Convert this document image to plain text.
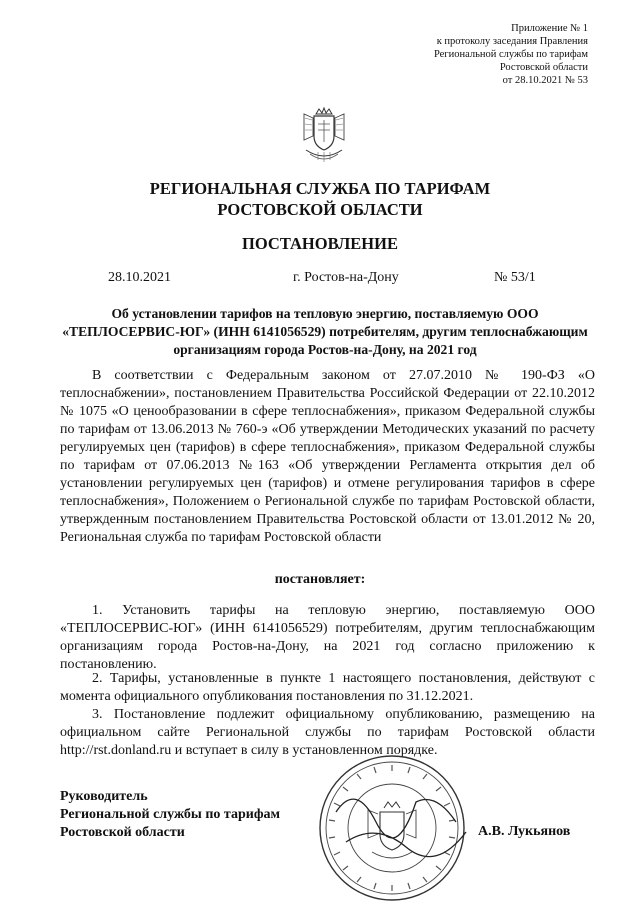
Приложение № 1
к протоколу заседания Правления
Региональной службы по тарифам
Ростовской области
от 28.10.2021 № 53
РЕГИОНАЛЬНАЯ СЛУЖБА ПО ТАРИФАМ
РОСТОВСКОЙ ОБЛАСТИ
ПОСТАНОВЛЕНИЕ
28.10.2021	г. Ростов-на-Дону	№ 53/1
Об установлении тарифов на тепловую энергию, поставляемую ООО «ТЕПЛОСЕРВИС-ЮГ» (ИНН 6141056529) потребителям, другим теплоснабжающим организациям города Ростов-на-Дону, на 2021 год

В соответствии с Федеральным законом от 27.07.2010 № 190-ФЗ «О теплоснабжении», постановлением Правительства Российской Федерации от 22.10.2012 № 1075 «О ценообразовании в сфере теплоснабжения», приказом Федеральной службы по тарифам от 13.06.2013 № 760-э «Об утверждении Методических указаний по расчету регулируемых цен (тарифов) в сфере теплоснабжения», приказом Федеральной службы по тарифам от 07.06.2013 №163 «Об утверждении Регламента открытия дел об установлении регулируемых цен (тарифов) и отмене регулирования тарифов в сфере теплоснабжения», Положением о Региональной службе по тарифам Ростовской области, утвержденным постановлением Правительства Ростовской области от 13.01.2012 № 20, Региональная служба по тарифам Ростовской области

постановляет:

1. Установить тарифы на тепловую энергию, поставляемую ООО «ТЕПЛОСЕРВИС-ЮГ» (ИНН 6141056529) потребителям, другим теплоснабжающим организациям города Ростов-на-Дону, на 2021 год согласно приложению к постановлению.

2. Тарифы, установленные в пункте 1 настоящего постановления, действуют с момента официального опубликования постановления по 31.12.2021.

3. Постановление подлежит официальному опубликованию, размещению на официальном сайте Региональной службы по тарифам Ростовской области http://rst.donland.ru и вступает в силу в установленном порядке.

Руководитель
Региональной службы по тарифам
Ростовской области	А.В. Лукьянов
